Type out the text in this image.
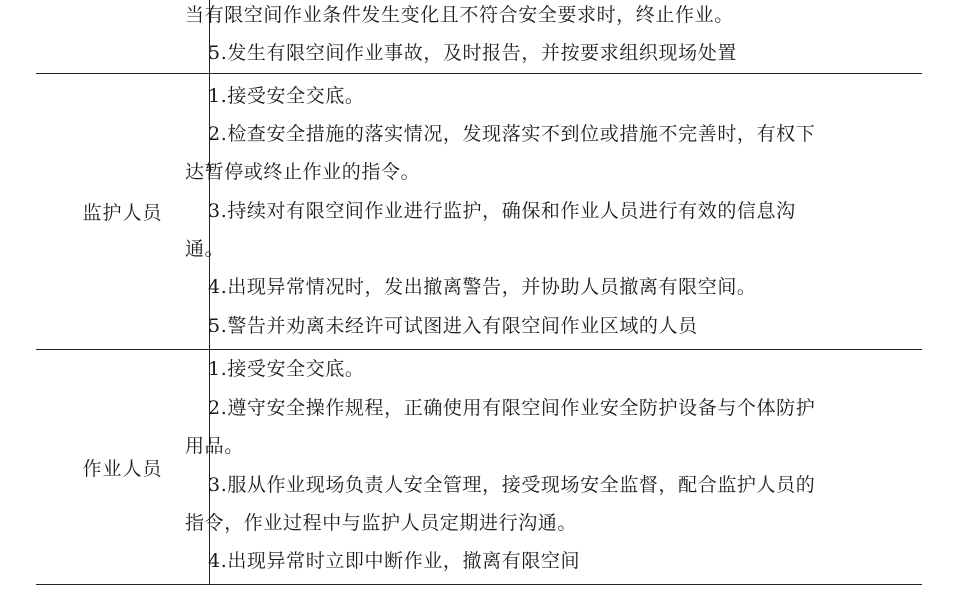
当有限空间作业条件发生变化且不符合安全要求时，终止作业。
5.发生有限空间作业事故，及时报告，并按要求组织现场处置
监护人员
1.接受安全交底。
2.检查安全措施的落实情况，发现落实不到位或措施不完善时，有权下
达暂停或终止作业的指令。
3.持续对有限空间作业进行监护，确保和作业人员进行有效的信息沟
通。
4.出现异常情况时，发出撤离警告，并协助人员撤离有限空间。
5.警告并劝离未经许可试图进入有限空间作业区域的人员
作业人员
1.接受安全交底。
2.遵守安全操作规程，正确使用有限空间作业安全防护设备与个体防护
用品。
3.服从作业现场负责人安全管理，接受现场安全监督，配合监护人员的
指令，作业过程中与监护人员定期进行沟通。
4.出现异常时立即中断作业，撤离有限空间
